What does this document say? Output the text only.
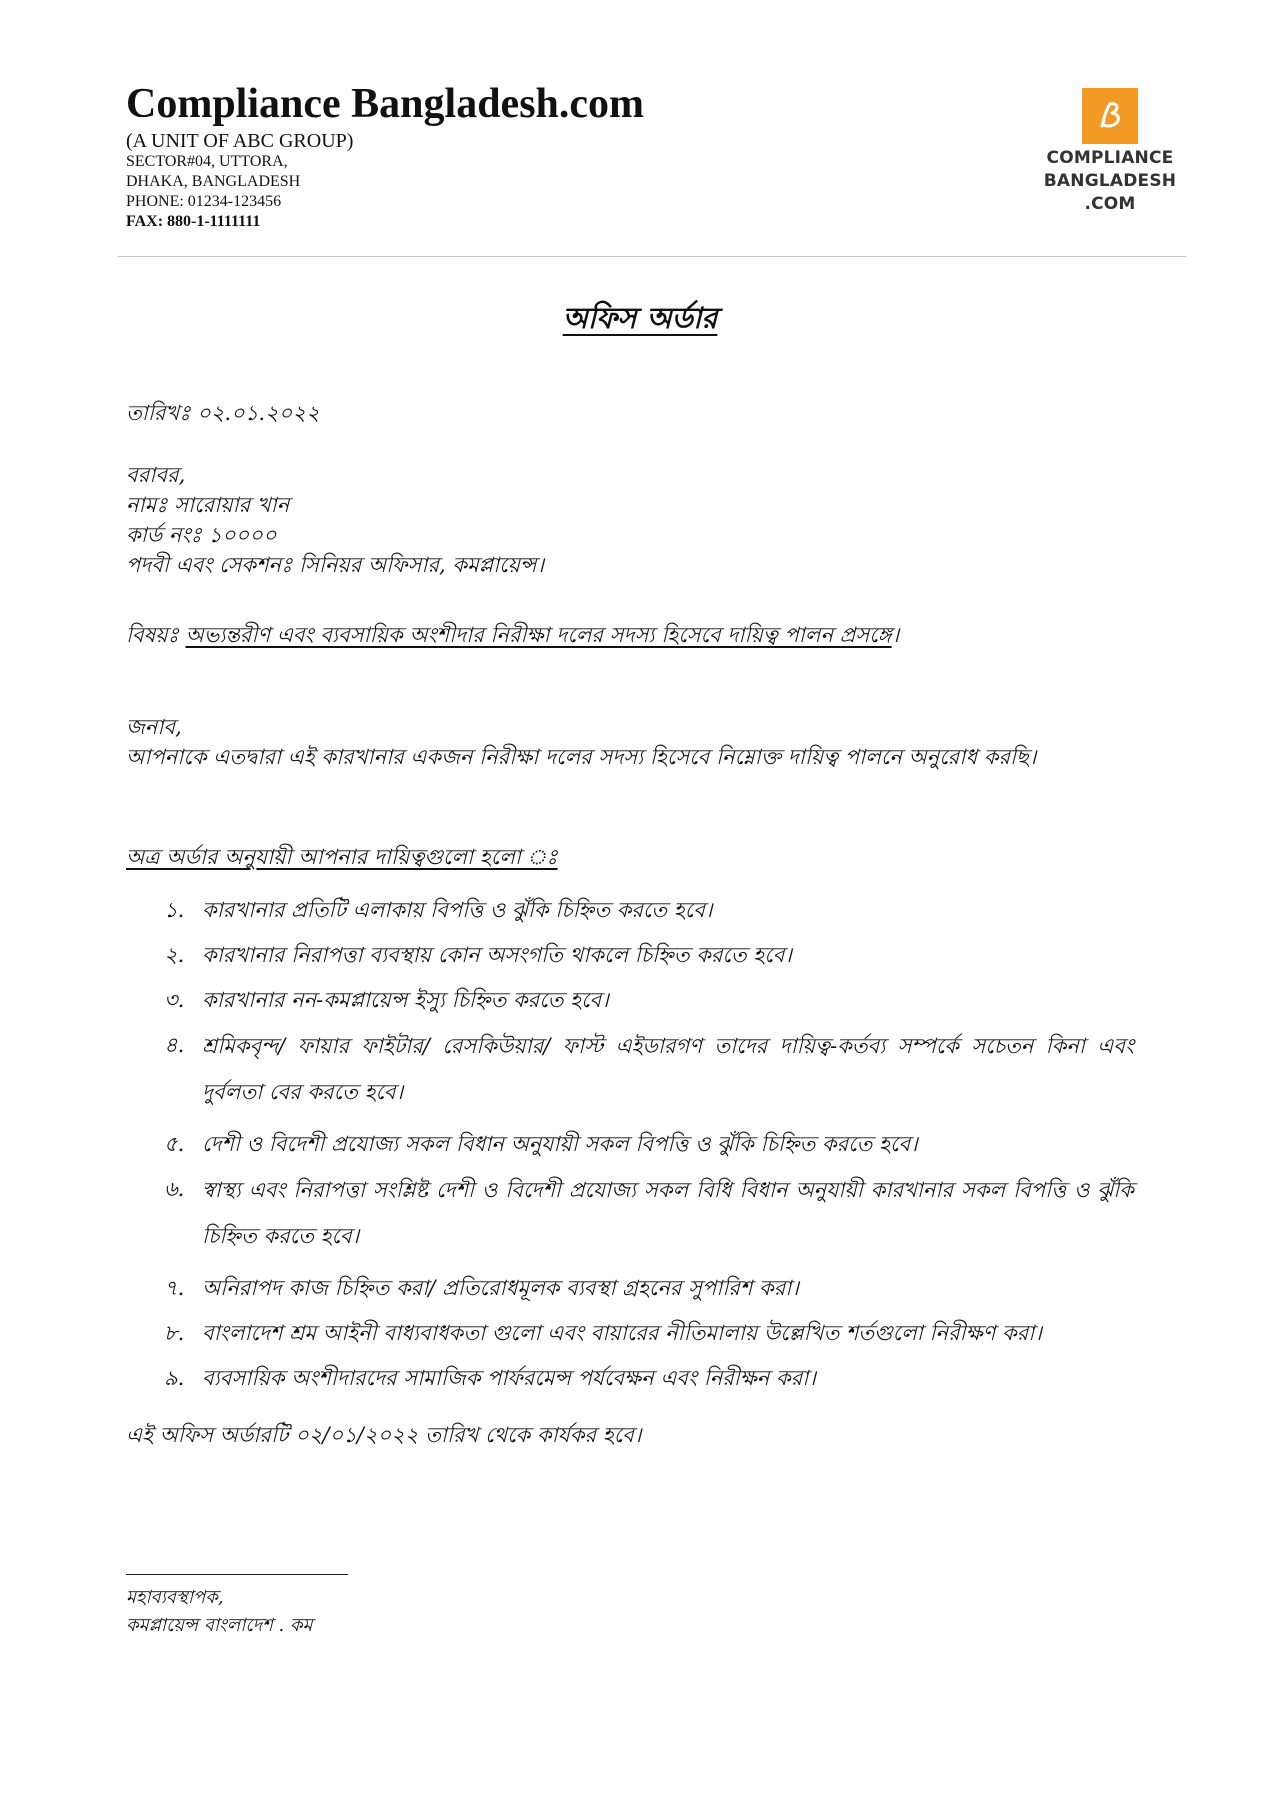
Compliance Bangladesh.com
(A UNIT OF ABC GROUP)
SECTOR#04, UTTORA,
DHAKA, BANGLADESH
PHONE: 01234-123456
FAX: 880-1-1111111
COMPLIANCE
BANGLADESH
.COM
অফিস অর্ডার
তারিখঃ ০২.০১.২০২২
বরাবর,
নামঃ সারোয়ার খান
কার্ড নংঃ ১০০০০
পদবী এবং সেকশনঃ সিনিয়র অফিসার, কমপ্লায়েন্স।
বিষয়ঃ অভ্যন্তরীণ এবং ব্যবসায়িক অংশীদার নিরীক্ষা দলের সদস্য হিসেবে দায়িত্ব পালন প্রসঙ্গে।
জনাব,
আপনাকে এতদ্বারা এই কারখানার একজন নিরীক্ষা দলের সদস্য হিসেবে নিম্নোক্ত দায়িত্ব পালনে অনুরোধ করছি।
অত্র অর্ডার অনুযায়ী আপনার দায়িত্বগুলো হলো ঃ
১. কারখানার প্রতিটি এলাকায় বিপত্তি ও ঝুঁকি চিহ্নিত করতে হবে।
২. কারখানার নিরাপত্তা ব্যবস্থায় কোন অসংগতি থাকলে চিহ্নিত করতে হবে।
৩. কারখানার নন-কমপ্লায়েন্স ইস্যু চিহ্নিত করতে হবে।
৪. শ্রমিকবৃন্দ/ ফায়ার ফাইটার/ রেসকিউয়ার/ ফাস্ট এইডারগণ তাদের দায়িত্ব-কর্তব্য সম্পর্কে সচেতন কিনা এবং দুর্বলতা বের করতে হবে।
৫. দেশী ও বিদেশী প্রযোজ্য সকল বিধান অনুযায়ী সকল বিপত্তি ও ঝুঁকি চিহ্নিত করতে হবে।
৬. স্বাস্থ্য এবং নিরাপত্তা সংশ্লিষ্ট দেশী ও বিদেশী প্রযোজ্য সকল বিধি বিধান অনুযায়ী কারখানার সকল বিপত্তি ও ঝুঁকি চিহ্নিত করতে হবে।
৭. অনিরাপদ কাজ চিহ্নিত করা/ প্রতিরোধমূলক ব্যবস্থা গ্রহনের সুপারিশ করা।
৮. বাংলাদেশ শ্রম আইনী বাধ্যবাধকতা গুলো এবং বায়ারের নীতিমালায় উল্লেখিত শর্তগুলো নিরীক্ষণ করা।
৯. ব্যবসায়িক অংশীদারদের সামাজিক পার্ফরমেন্স পর্যবেক্ষন এবং নিরীক্ষন করা।
এই অফিস অর্ডারটি ০২/০১/২০২২ তারিখ থেকে কার্যকর হবে।
মহাব্যবস্থাপক,
কমপ্লায়েন্স বাংলাদেশ . কম
